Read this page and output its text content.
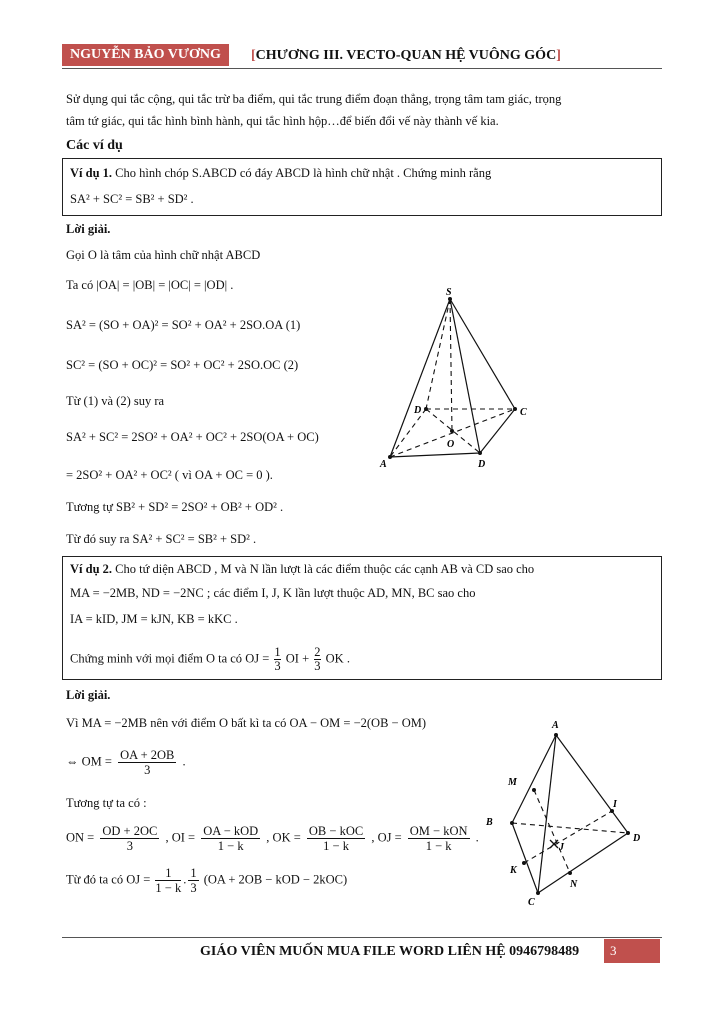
NGUYỄN BẢO VƯƠNG	[CHƯƠNG III. VECTO-QUAN HỆ VUÔNG GÓC]
Sử dụng qui tắc cộng, qui tắc trừ ba điểm, qui tắc trung điểm đoạn thẳng, trọng tâm tam giác, trọng
tâm tứ giác, qui tắc hình bình hành, qui tắc hình hộp…để biến đổi vế này thành vế kia.
Các ví dụ
Ví dụ 1. Cho hình chóp S.ABCD có đáy ABCD là hình chữ nhật . Chứng minh rằng
SA² + SC² = SB² + SD² .
Lời giải.
Gọi O là tâm của hình chữ nhật ABCD
Ta có |OA| = |OB| = |OC| = |OD| .
SA² = (SO + OA)² = SO² + OA² + 2SO.OA (1)
SC² = (SO + OC)² = SO² + OC² + 2SO.OC (2)
Từ (1) và (2) suy ra
SA² + SC² = 2SO² + OA² + OC² + 2SO(OA + OC)
= 2SO² + OA² + OC² ( vì OA + OC = 0 ).
Tương tự SB² + SD² = 2SO² + OB² + OD² .
Từ đó suy ra SA² + SC² = SB² + SD² .
S
D	C
O
A	D
Ví dụ 2. Cho tứ diện ABCD , M và N lần lượt là các điểm thuộc các cạnh AB và CD sao cho
MA = −2MB, ND = −2NC ; các điểm I, J, K lần lượt thuộc AD, MN, BC sao cho
IA = kID, JM = kJN, KB = kKC .
Chứng minh với mọi điểm O ta có OJ = $\frac{1}{3}$ OI + $\frac{2}{3}$ OK .
Lời giải.
Vì MA = −2MB nên với điểm O bất kì ta có OA − OM = −2(OB − OM)
⇔ OM = $\frac{OA + 2OB}{3}$ .
Tương tự ta có :
ON = $\frac{OD + 2OC}{3}$ , OI = OA − kOD
1 − k
, OK = OB − kOC
1 − k
, OJ = OM − kON
1 − k
.
Từ đó ta có OJ = $\frac{1}{1 - k}$ . $\frac{1}{3} (OA + 2OB$ − kOD − 2kOC)
A
M
I
B
D
J
K
N
C
GIÁO VIÊN MUỐN MUA FILE WORD LIÊN HỆ 0946798489	3
